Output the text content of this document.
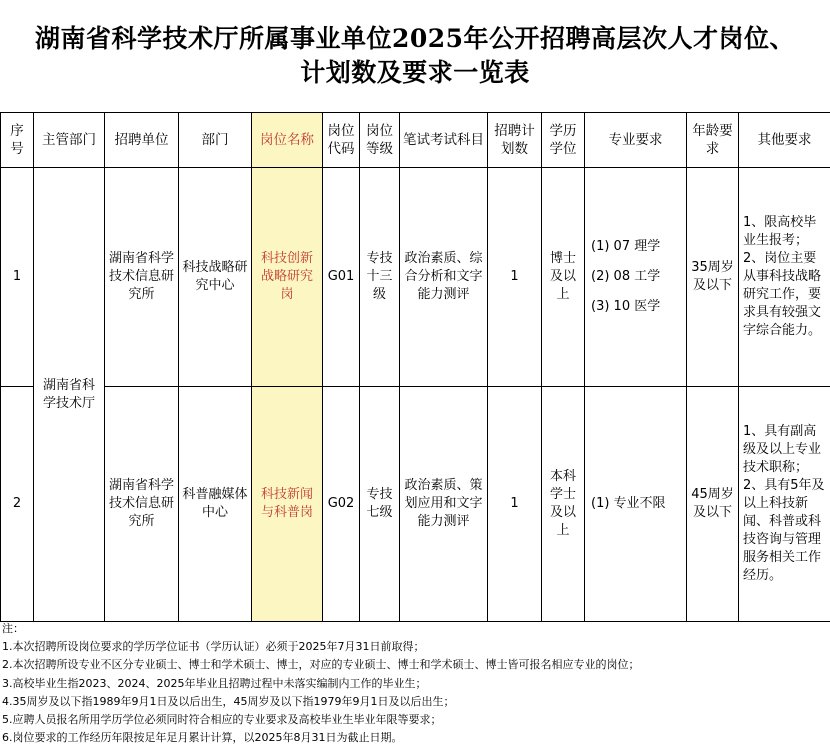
湖南省科学技术厅所属事业单位2025年公开招聘高层次人才岗位、
计划数及要求一览表
序号	主管部门	招聘单位	部门	岗位名称	岗位代码	岗位等级	笔试考试科目	招聘计划数	学历学位	专业要求	年龄要求	其他要求
1	湖南省科学技术厅	湖南省科学技术信息研究所	科技战略研究中心	科技创新战略研究岗	G01	专技十三级	政治素质、综合分析和文字能力测评	1	博士及以上	(1) 07 理学
(2) 08 工学
(3) 10 医学	35周岁及以下	1、限高校毕业生报考；2、岗位主要从事科技战略研究工作，要求具有较强文字综合能力。
2		湖南省科学技术信息研究所	科普融媒体中心	科技新闻与科普岗	G02	专技七级	政治素质、策划应用和文字能力测评	1	本科学士及以上	(1) 专业不限	45周岁及以下	1、具有副高级及以上专业技术职称；2、具有5年及以上科技新闻、科普或科技咨询与管理服务相关工作经历。
注：
1.本次招聘所设岗位要求的学历学位证书（学历认证）必须于2025年7月31日前取得；
2.本次招聘所设专业不区分专业硕士、博士和学术硕士、博士，对应的专业硕士、博士和学术硕士、博士皆可报名相应专业的岗位；
3.高校毕业生指2023、2024、2025年毕业且招聘过程中未落实编制内工作的毕业生；
4.35周岁及以下指1989年9月1日及以后出生，45周岁及以下指1979年9月1日及以后出生；
5.应聘人员报名所用学历学位必须同时符合相应的专业要求及高校毕业生毕业年限等要求；
6.岗位要求的工作经历年限按足年足月累计计算，以2025年8月31日为截止日期。
